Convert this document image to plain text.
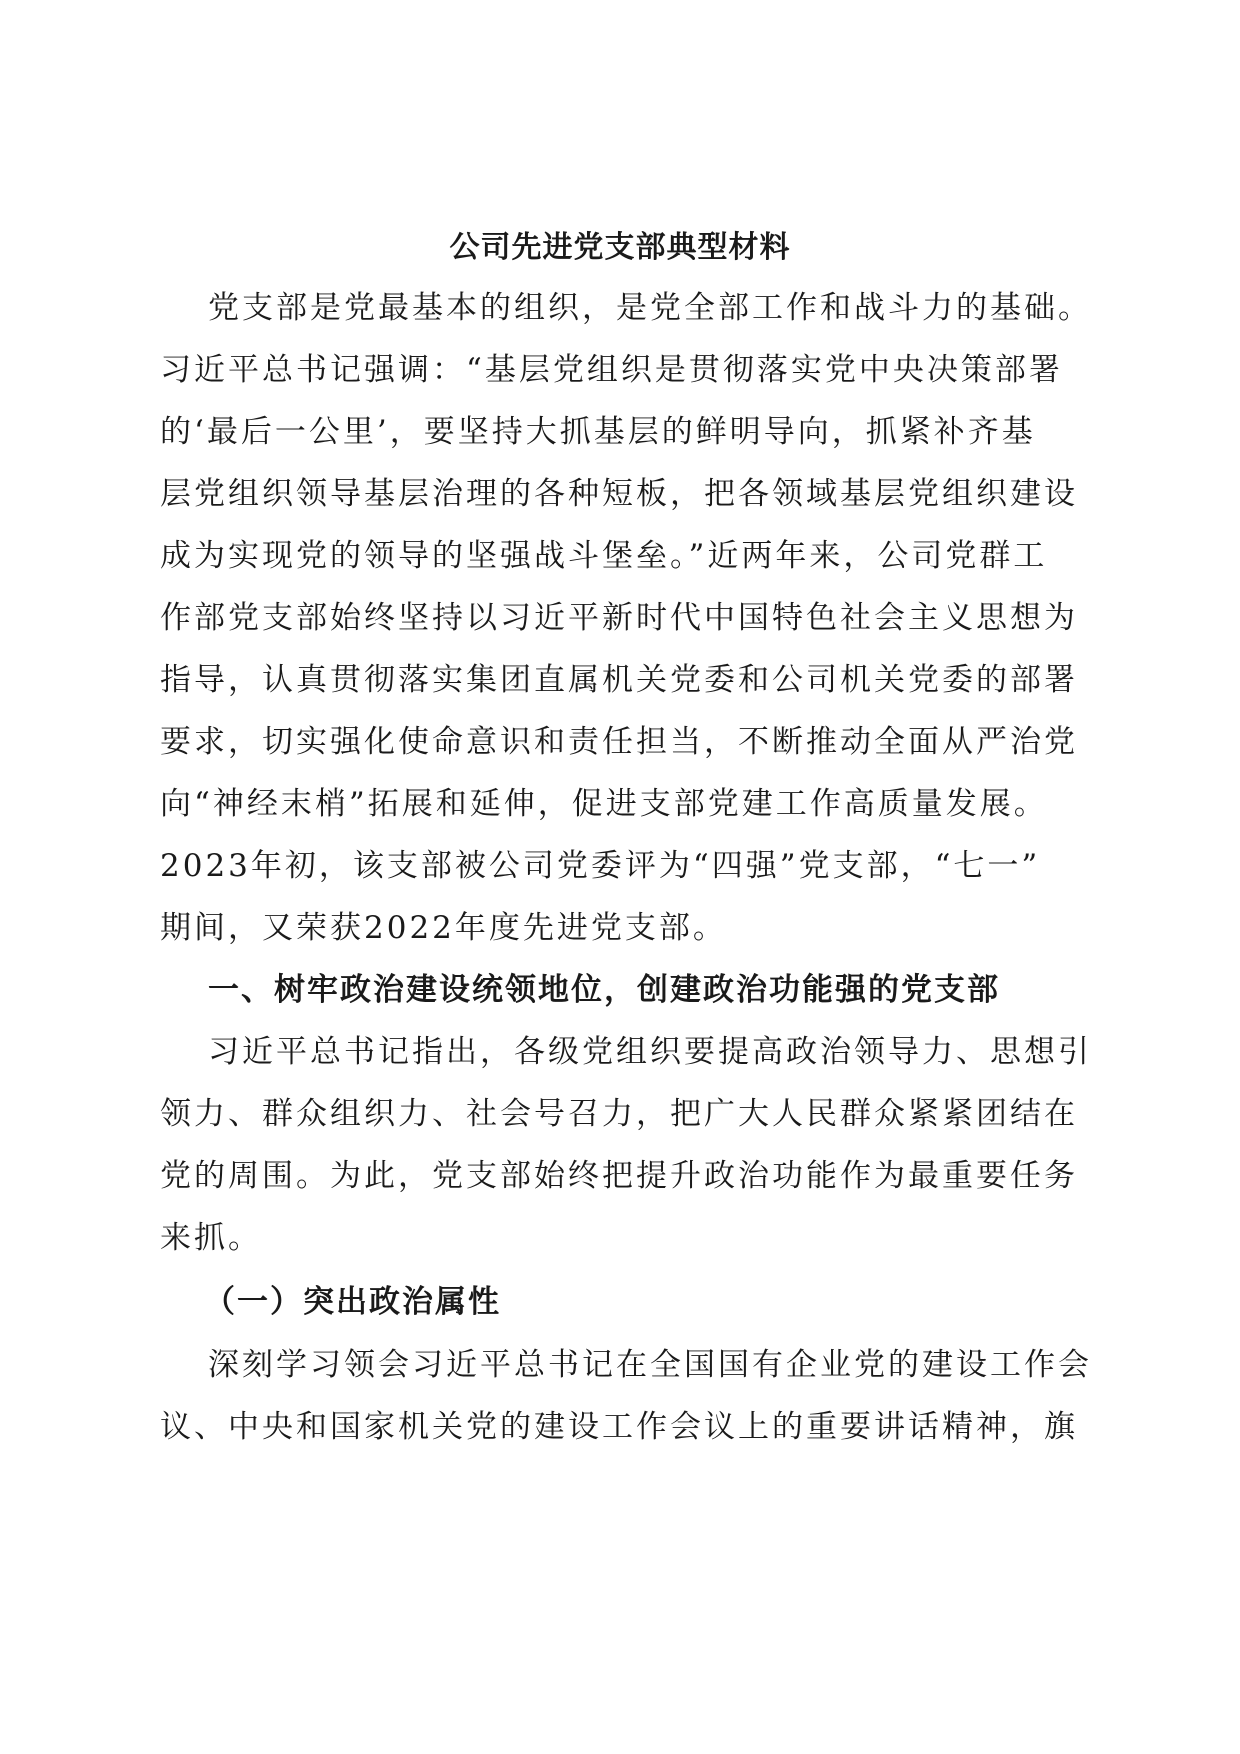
公司先进党支部典型材料
党支部是党最基本的组织，是党全部工作和战斗力的基础。
习近平总书记强调：“基层党组织是贯彻落实党中央决策部署
的‘最后一公里’，要坚持大抓基层的鲜明导向，抓紧补齐基
层党组织领导基层治理的各种短板，把各领域基层党组织建设
成为实现党的领导的坚强战斗堡垒。”近两年来，公司党群工
作部党支部始终坚持以习近平新时代中国特色社会主义思想为
指导，认真贯彻落实集团直属机关党委和公司机关党委的部署
要求，切实强化使命意识和责任担当，不断推动全面从严治党
向“神经末梢”拓展和延伸，促进支部党建工作高质量发展。
2023年初，该支部被公司党委评为“四强”党支部，“七一”
期间，又荣获2022年度先进党支部。
一、树牢政治建设统领地位，创建政治功能强的党支部
习近平总书记指出，各级党组织要提高政治领导力、思想引
领力、群众组织力、社会号召力，把广大人民群众紧紧团结在
党的周围。为此，党支部始终把提升政治功能作为最重要任务
来抓。
（一）突出政治属性
深刻学习领会习近平总书记在全国国有企业党的建设工作会
议、中央和国家机关党的建设工作会议上的重要讲话精神，旗
